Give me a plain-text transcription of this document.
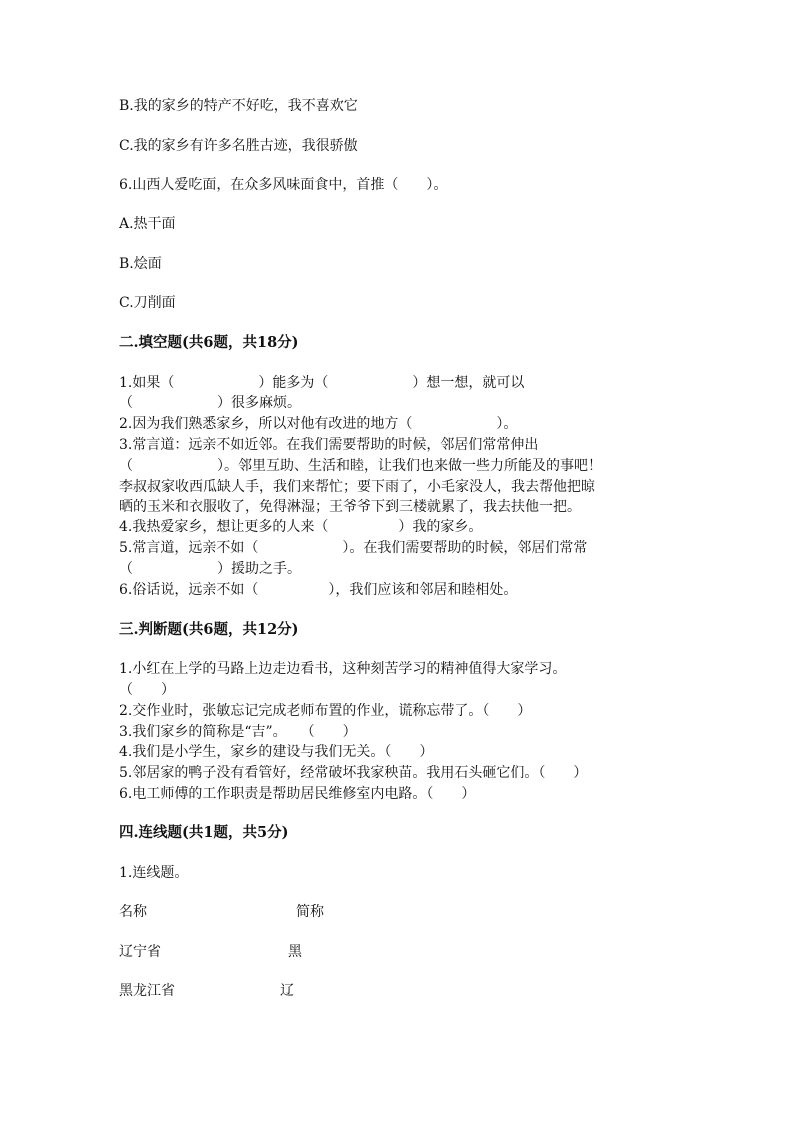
B.我的家乡的特产不好吃，我不喜欢它
C.我的家乡有许多名胜古迹，我很骄傲
6.山西人爱吃面，在众多风味面食中，首推（　　）。
A.热干面
B.烩面
C.刀削面
二.填空题(共6题，共18分)
1.如果（　　　　　　）能多为（　　　　　　）想一想，就可以
（　　　　　　）很多麻烦。
2.因为我们熟悉家乡，所以对他有改进的地方（　　　　　　）。
3.常言道：远亲不如近邻。在我们需要帮助的时候，邻居们常常伸出
（　　　　　　）。邻里互助、生活和睦，让我们也来做一些力所能及的事吧！
李叔叔家收西瓜缺人手，我们来帮忙；要下雨了，小毛家没人，我去帮他把晾
晒的玉米和衣服收了，免得淋湿；王爷爷下到三楼就累了，我去扶他一把。
4.我热爱家乡，想让更多的人来（　　　　　）我的家乡。
5.常言道，远亲不如（　　　　　　）。在我们需要帮助的时候，邻居们常常
（　　　　　　）援助之手。
6.俗话说，远亲不如（　　　　　），我们应该和邻居和睦相处。
三.判断题(共6题，共12分)
1.小红在上学的马路上边走边看书，这种刻苦学习的精神值得大家学习。
（　　）
2.交作业时，张敏忘记完成老师布置的作业，谎称忘带了。（　　）
3.我们家乡的简称是“吉”。　　（　　）
4.我们是小学生，家乡的建设与我们无关。（　　）
5.邻居家的鸭子没有看管好，经常破坏我家秧苗。我用石头砸它们。（　　）
6.电工师傅的工作职责是帮助居民维修室内电路。（　　）
四.连线题(共1题，共5分)
1.连线题。
名称	简称
辽宁省	黑
黑龙江省	辽
